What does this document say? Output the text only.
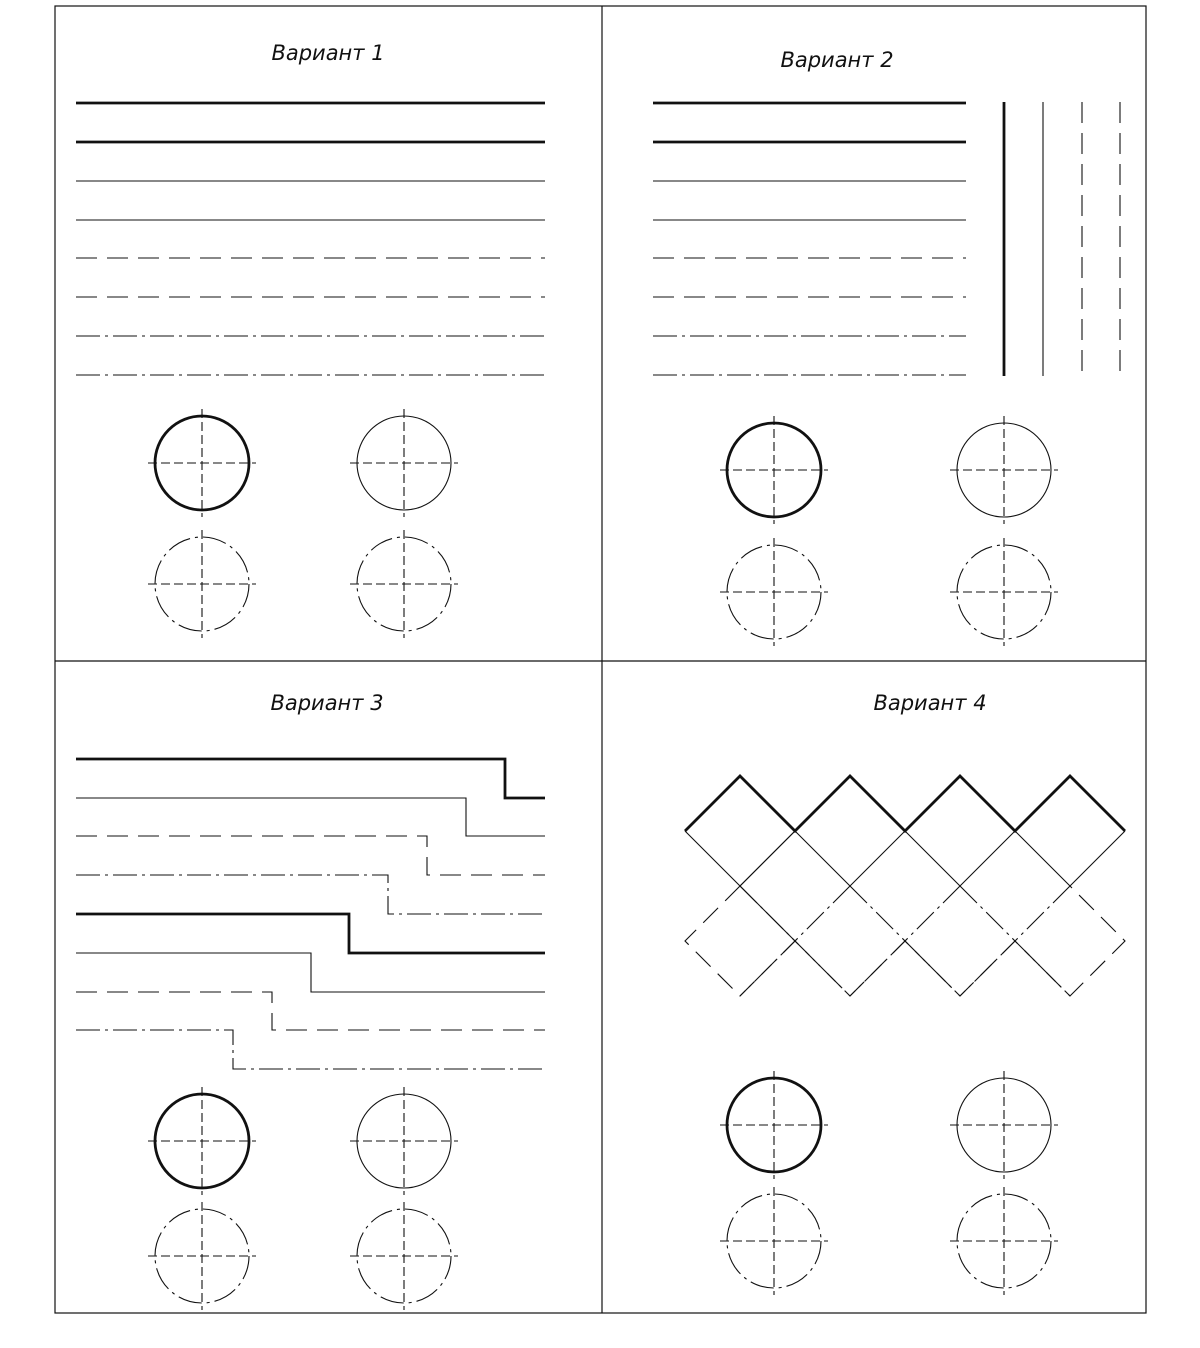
Вариант 1	Вариант 2
Вариант 3	Вариант 4
